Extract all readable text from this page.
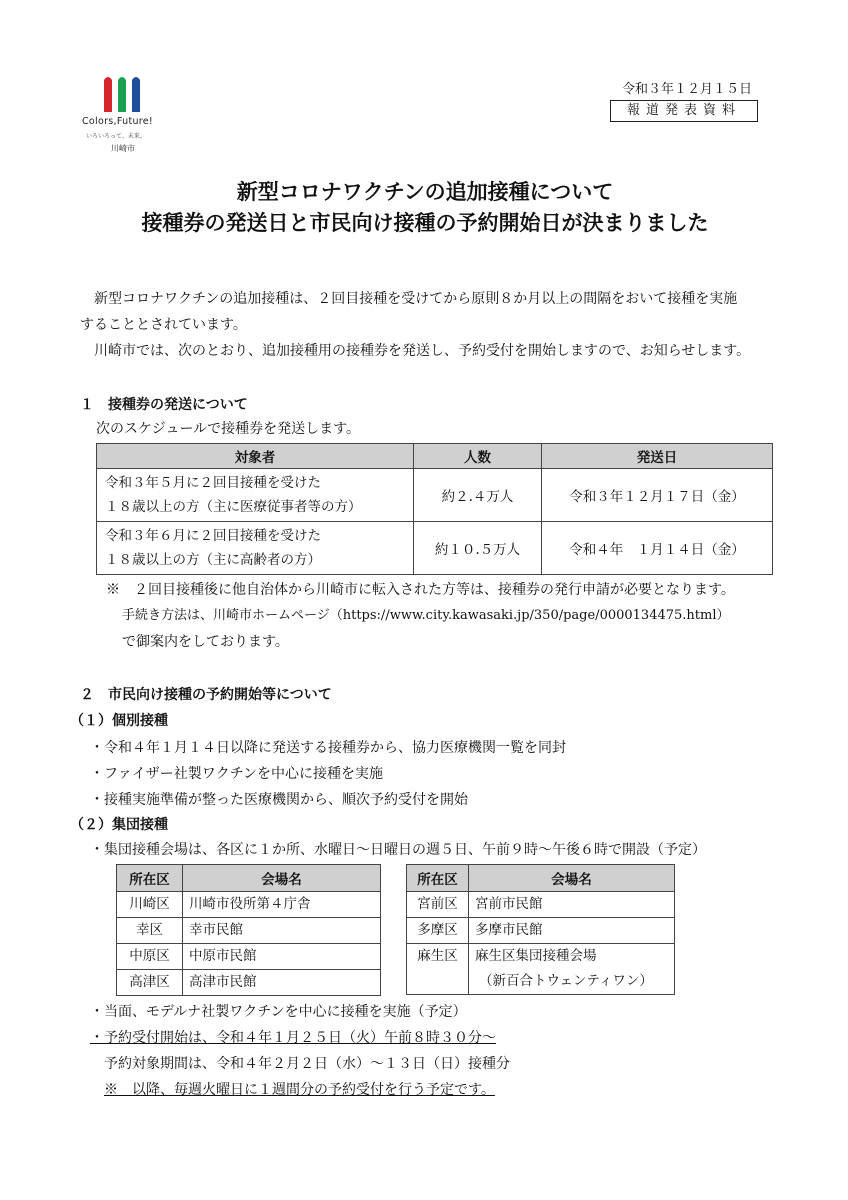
Colors,Future!
いろいろって、未来。
川崎市
令和３年１２月１５日
報道発表資料
新型コロナワクチンの追加接種について
接種券の発送日と市民向け接種の予約開始日が決まりました
　新型コロナワクチンの追加接種は、２回目接種を受けてから原則８か月以上の間隔をおいて接種を実施
することとされています。
　川崎市では、次のとおり、追加接種用の接種券を発送し、予約受付を開始しますので、お知らせします。
１　接種券の発送について
次のスケジュールで接種券を発送します。
対象者	人数	発送日

令和３年５月に２回目接種を受けた
１８歳以上の方（主に医療従事者等の方）	約２.４万人	令和３年１２月１７日（金）

令和３年６月に２回目接種を受けた
１８歳以上の方（主に高齢者の方）	約１０.５万人	令和４年　１月１４日（金）
※　２回目接種後に他自治体から川崎市に転入された方等は、接種券の発行申請が必要となります。
手続き方法は、川崎市ホームページ（https://www.city.kawasaki.jp/350/page/0000134475.html）
で御案内をしております。
２　市民向け接種の予約開始等について
（１）個別接種
・令和４年１月１４日以降に発送する接種券から、協力医療機関一覧を同封
・ファイザー社製ワクチンを中心に接種を実施
・接種実施準備が整った医療機関から、順次予約受付を開始
（２）集団接種
・集団接種会場は、各区に１か所、水曜日～日曜日の週５日、午前９時～午後６時で開設（予定）
所在区	会場名
川崎区	川崎市役所第４庁舎
幸区	幸市民館
中原区	中原市民館
高津区	高津市民館
所在区	会場名
宮前区	宮前市民館
多摩区	多摩市民館
麻生区	麻生区集団接種会場
（新百合トウェンティワン）
・当面、モデルナ社製ワクチンを中心に接種を実施（予定）
・予約受付開始は、令和４年１月２５日（火）午前８時３０分～
予約対象期間は、令和４年２月２日（水）～１３日（日）接種分
※　以降、毎週火曜日に１週間分の予約受付を行う予定です。
